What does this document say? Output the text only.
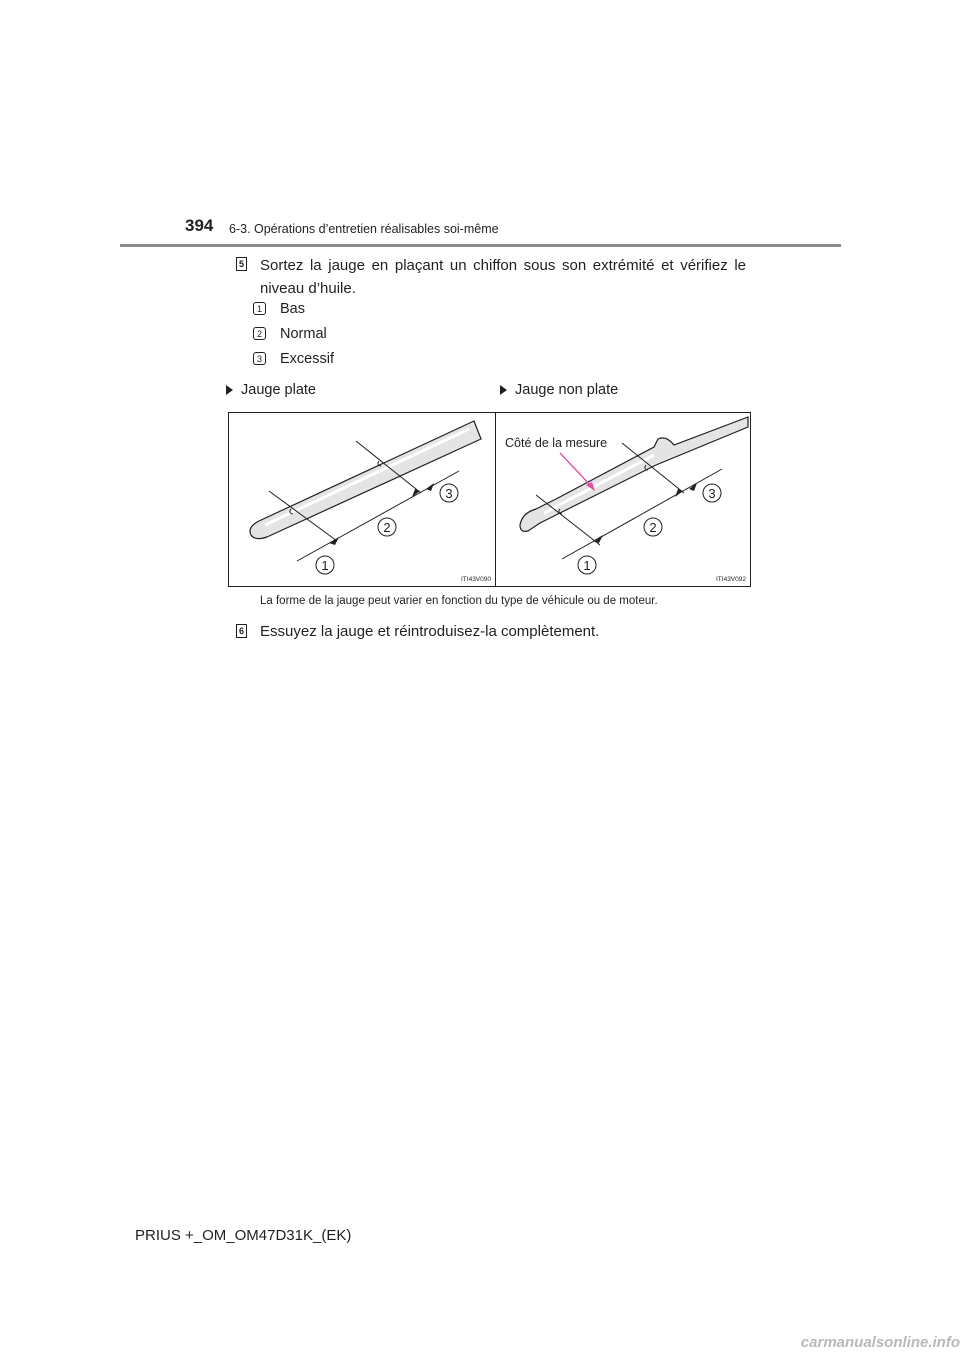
394 6-3. Opérations d’entretien réalisables soi-même
5 Sortez la jauge en plaçant un chiffon sous son extrémité et vérifiez le niveau d’huile.
1 Bas
2 Normal
3 Excessif
Jauge plate	Jauge non plate
1
2
3
ITI43V090
Côté de la mesure
1
2
3
ITI43V092
La forme de la jauge peut varier en fonction du type de véhicule ou de moteur.
6 Essuyez la jauge et réintroduisez-la complètement.
PRIUS +_OM_OM47D31K_(EK)
carmanualsonline.info
